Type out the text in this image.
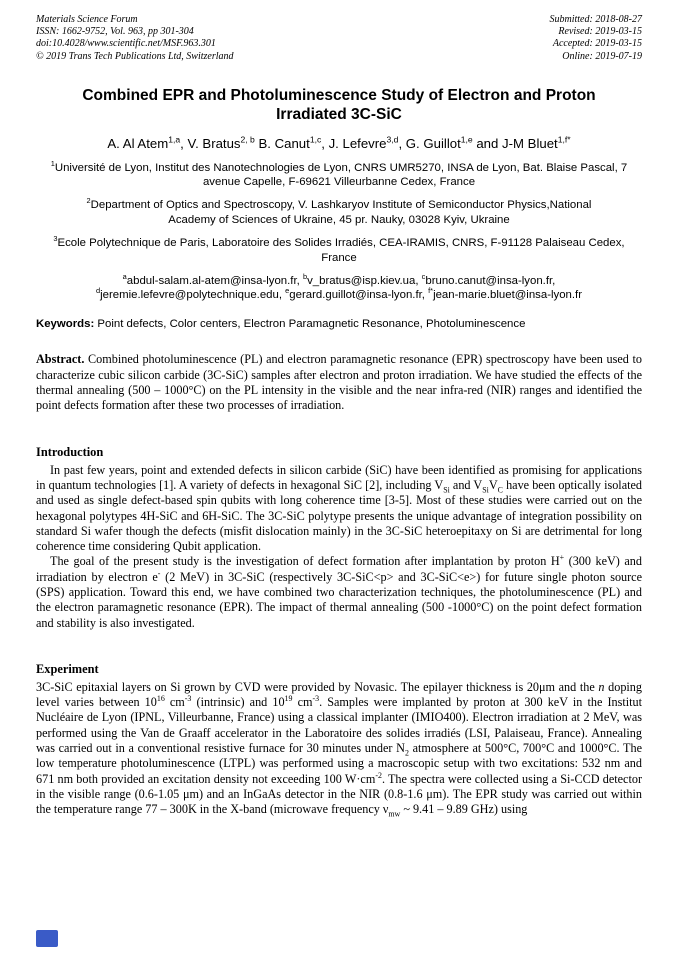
Materials Science Forum
ISSN: 1662-9752, Vol. 963, pp 301-304
doi:10.4028/www.scientific.net/MSF.963.301
© 2019 Trans Tech Publications Ltd, Switzerland
Submitted: 2018-08-27
Revised: 2019-03-15
Accepted: 2019-03-15
Online: 2019-07-19
Combined EPR and Photoluminescence Study of Electron and Proton Irradiated 3C-SiC
A. Al Atem$^{1,a}$, V. Bratus$^{2, b}$ B. Canut$^{1,c}$, J. Lefevre$^{3,d}$, G. Guillot$^{1,e}$ and J-M Bluet$^{1,f*}$
$^1$Université de Lyon, Institut des Nanotechnologies de Lyon, CNRS UMR5270, INSA de Lyon, Bat. Blaise Pascal, 7 avenue Capelle, F-69621 Villeurbanne Cedex, France
$^2$Department of Optics and Spectroscopy, V. Lashkaryov Institute of Semiconductor Physics,National Academy of Sciences of Ukraine, 45 pr. Nauky, 03028 Kyiv, Ukraine
$^3$Ecole Polytechnique de Paris, Laboratoire des Solides Irradiés, CEA-IRAMIS, CNRS, F-91128 Palaiseau Cedex, France
$^a$abdul-salam.al-atem@insa-lyon.fr, $^b$v_bratus@isp.kiev.ua, $^c$bruno.canut@insa-lyon.fr, $^d$jeremie.lefevre@polytechnique.edu, $^e$gerard.guillot@insa-lyon.fr, $^{f*}$jean-marie.bluet@insa-lyon.fr
Keywords: Point defects, Color centers, Electron Paramagnetic Resonance, Photoluminescence

Abstract. Combined photoluminescence (PL) and electron paramagnetic resonance (EPR) spectroscopy have been used to characterize cubic silicon carbide (3C-SiC) samples after electron and proton irradiation. We have studied the effects of the thermal annealing (500 – 1000°C) on the PL intensity in the visible and the near infra-red (NIR) ranges and identified the point defects formation after these two processes of irradiation.

Introduction

In past few years, point and extended defects in silicon carbide (SiC) have been identified as promising for applications in quantum technologies [1]. A variety of defects in hexagonal SiC [2], including $V_{Si}$ and $V_{Si}V_C$ have been optically isolated and used as single defect-based spin qubits with long coherence time [3-5]. Most of these studies were carried out on the hexagonal polytypes 4H-SiC and 6H-SiC. The 3C-SiC polytype presents the unique advantage of integration possibility on standard Si wafer though the defects (misfit dislocation mainly) in the 3C-SiC heteroepitaxy on Si are detrimental for long coherence time considering Qubit application.

The goal of the present study is the investigation of defect formation after implantation by proton H+ (300 keV) and irradiation by electron e- (2 MeV) in 3C-SiC (respectively 3C-SiC<p> and 3C-SiC<e>) for future single photon source (SPS) application. Toward this end, we have combined two characterization techniques, the photoluminescence (PL) and the electron paramagnetic resonance (EPR). The impact of thermal annealing (500 -1000°C) on the point defect formation and stability is also investigated.

Experiment

3C-SiC epitaxial layers on Si grown by CVD were provided by Novasic. The epilayer thickness is 20μm and the n doping level varies between $10^{16}$ $cm^{-3}$ (intrinsic) and $10^{19}$ $cm^{-3}$. Samples were implanted by proton at 300 keV in the Institut Nucléaire de Lyon (IPNL, Villeurbanne, France) using a classical implanter (IMIO400). Electron irradiation at 2 MeV, was performed using the Van de Graaff accelerator in the Laboratoire des solides irradiés (LSI, Palaiseau, France). Annealing was carried out in a conventional resistive furnace for 30 minutes under $N_2$ atmosphere at 500°C, 700°C and 1000°C. The low temperature photoluminescence (LTPL) was performed using a macroscopic setup with two excitations: 532 nm and 671 nm both provided an excitation density not exceeding 100 $W\cdot cm^{-2}$. The spectra were collected using a Si-CCD detector in the visible range (0.6-1.05 μm) and an InGaAs detector in the NIR (0.8-1.6 μm). The EPR study was carried out within the temperature range 77 – 300K in the X-band (microwave frequency $\nu_{mw}$ ~ 9.41 – 9.89 GHz) using
